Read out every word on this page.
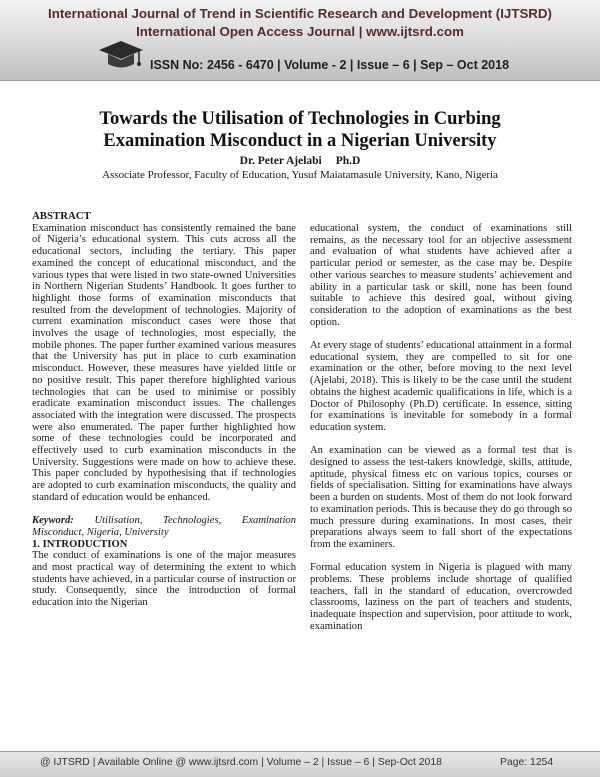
International Journal of Trend in Scientific Research and Development (IJTSRD)
International Open Access Journal | www.ijtsrd.com
ISSN No: 2456 - 6470 | Volume - 2 | Issue – 6 | Sep – Oct 2018
Towards the Utilisation of Technologies in Curbing
Examination Misconduct in a Nigerian University
Dr. Peter Ajelabi Ph.D
Associate Professor, Faculty of Education, Yusuf Maiatamasule University, Kano, Nigeria

ABSTRACT

Examination misconduct has consistently remained the bane of Nigeria’s educational system. This cuts across all the educational sectors, including the tertiary. This paper examined the concept of educational misconduct, and the various types that were listed in two state-owned Universities in Northern Nigerian Students’ Handbook. It goes further to highlight those forms of examination misconducts that resulted from the development of technologies. Majority of current examination misconduct cases were those that involves the usage of technologies, most especially, the mobile phones. The paper further examined various measures that the University has put in place to curb examination misconduct. However, these measures have yielded little or no positive result. This paper therefore highlighted various technologies that can be used to minimise or possibly eradicate examination misconduct issues. The challenges associated with the integration were discussed. The prospects were also enumerated. The paper further highlighted how some of these technologies could be incorporated and effectively used to curb examination misconducts in the University. Suggestions were made on how to achieve these. This paper concluded by hypothesising that if technologies are adopted to curb examination misconducts, the quality and standard of education would be enhanced.

Keyword: Utilisation, Technologies, Examination Misconduct, Nigeria, University

1. INTRODUCTION

The conduct of examinations is one of the major measures and most practical way of determining the extent to which students have achieved, in a particular course of instruction or study. Consequently, since the introduction of formal education into the Nigerian

educational system, the conduct of examinations still remains, as the necessary tool for an objective assessment and evaluation of what students have achieved after a particular period or semester, as the case may be. Despite other various searches to measure students’ achievement and ability in a particular task or skill, none has been found suitable to achieve this desired goal, without giving consideration to the adoption of examinations as the best option.

At every stage of students’ educational attainment in a formal educational system, they are compelled to sit for one examination or the other, before moving to the next level (Ajelabi, 2018). This is likely to be the case until the student obtains the highest academic qualifications in life, which is a Doctor of Philosophy (Ph.D) certificate. In essence, sitting for examinations is inevitable for somebody in a formal education system.

An examination can be viewed as a formal test that is designed to assess the test-takers knowledge, skills, attitude, aptitude, physical fitness etc on various topics, courses or fields of specialisation. Sitting for examinations have always been a burden on students. Most of them do not look forward to examination periods. This is because they do go through so much pressure during examinations. In most cases, their preparations always seem to fall short of the expectations from the examiners.

Formal education system in Nigeria is plagued with many problems. These problems include shortage of qualified teachers, fall in the standard of education, overcrowded classrooms, laziness on the part of teachers and students, inadequate inspection and supervision, poor attitude to work, examination

@ IJTSRD | Available Online @ www.ijtsrd.com | Volume – 2 | Issue – 6 | Sep-Oct 2018	Page: 1254
